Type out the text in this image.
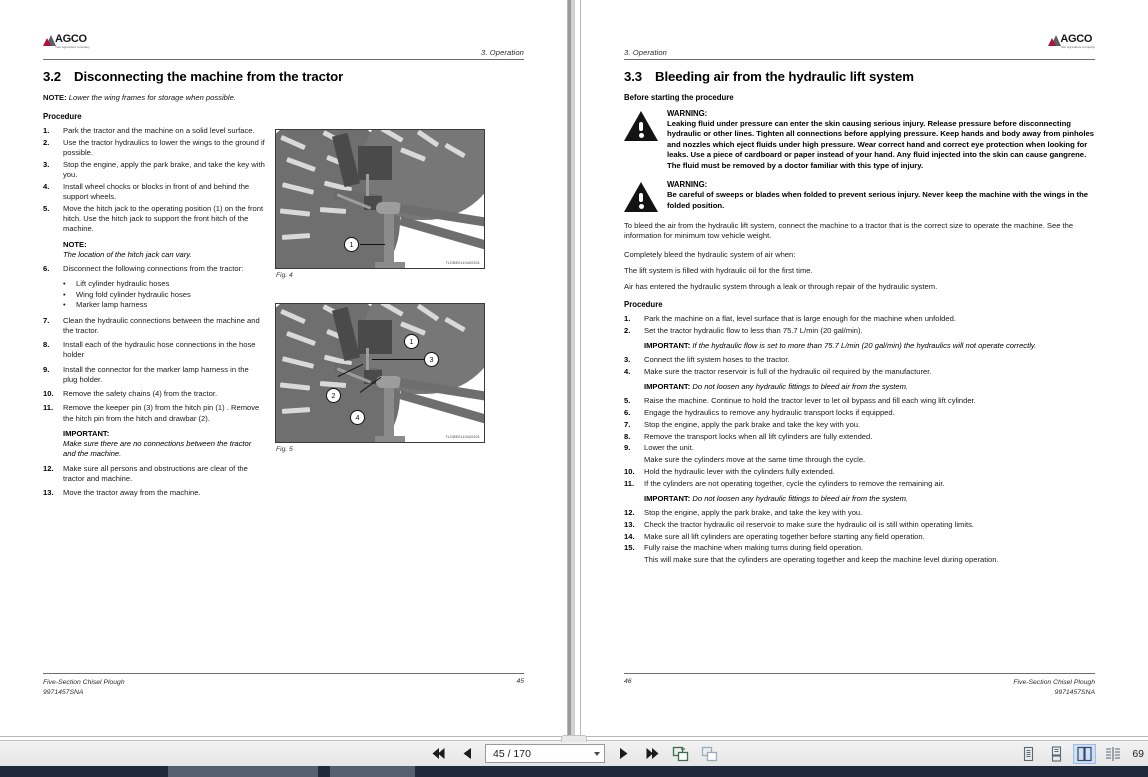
AGCO
Your Agriculture Company
3. Operation
3.2 Disconnecting the machine from the tractor
NOTE: Lower the wing frames for storage when possible.
Procedure
1.	Park the tractor and the machine on a solid level surface.
2.	Use the tractor hydraulics to lower the wings to the ground if possible.
3.	Stop the engine, apply the park brake, and take the key with you.
4.	Install wheel chocks or blocks in front of and behind the support wheels.
5.	Move the hitch jack to the operating position (1) on the front hitch. Use the hitch jack to support the front hitch of the machine.
NOTE:
The location of the hitch jack can vary.
6.	Disconnect the following connections from the tractor:
• Lift cylinder hydraulic hoses
• Wing fold cylinder hydraulic hoses
• Marker lamp harness
7.	Clean the hydraulic connections between the machine and the tractor.
8.	Install each of the hydraulic hose connections in the hose holder
9.	Install the connector for the marker lamp harness in the plug holder.
10.	Remove the safety chains (4) from the tractor.
11.	Remove the keeper pin (3) from the hitch pin (1) . Remove the hitch pin from the hitch and drawbar (2).
IMPORTANT:
Make sure there are no connections between the tractor and the machine.
12.	Make sure all persons and obstructions are clear of the tractor and machine.
13.	Move the tractor away from the machine.
1
TLDBE0110420301
Fig. 4
1
2
3
4
TLDBE0110420301
Fig. 5
Five-Section Chisel Plough
9971457SNA
45
3. Operation
AGCO
Your Agriculture Company
3.3 Bleeding air from the hydraulic lift system
Before starting the procedure
WARNING:
Leaking fluid under pressure can enter the skin causing serious injury. Release pressure before disconnecting hydraulic or other lines. Tighten all connections before applying pressure. Keep hands and body away from pinholes and nozzles which eject fluids under high pressure. Wear correct hand and correct eye protection when looking for leaks. Use a piece of cardboard or paper instead of your hand. Any fluid injected into the skin can cause gangrene. The fluid must be removed by a doctor familiar with this type of injury.
WARNING:
Be careful of sweeps or blades when folded to prevent serious injury. Never keep the machine with the wings in the folded position.
To bleed the air from the hydraulic lift system, connect the machine to a tractor that is the correct size to operate the machine. See the information for minimum tow vehicle weight.
Completely bleed the hydraulic system of air when:
The lift system is filled with hydraulic oil for the first time.
Air has entered the hydraulic system through a leak or through repair of the hydraulic system.
Procedure
1.	Park the machine on a flat, level surface that is large enough for the machine when unfolded.
2.	Set the tractor hydraulic flow to less than 75.7 L/min (20 gal/min).
IMPORTANT: If the hydraulic flow is set to more than 75.7 L/min (20 gal/min) the hydraulics will not operate correctly.
3.	Connect the lift system hoses to the tractor.
4.	Make sure the tractor reservoir is full of the hydraulic oil required by the manufacturer.
IMPORTANT: Do not loosen any hydraulic fittings to bleed air from the system.
5.	Raise the machine. Continue to hold the tractor lever to let oil bypass and fill each wing lift cylinder.
6.	Engage the hydraulics to remove any hydraulic transport locks if equipped.
7.	Stop the engine, apply the park brake and take the key with you.
8.	Remove the transport locks when all lift cylinders are fully extended.
9.	Lower the unit.
Make sure the cylinders move at the same time through the cycle.
10.	Hold the hydraulic lever with the cylinders fully extended.
11.	If the cylinders are not operating together, cycle the cylinders to remove the remaining air.
IMPORTANT: Do not loosen any hydraulic fittings to bleed air from the system.
12.	Stop the engine, apply the park brake, and take the key with you.
13.	Check the tractor hydraulic oil reservoir to make sure the hydraulic oil is still within operating limits.
14.	Make sure all lift cylinders are operating together before starting any field operation.
15.	Fully raise the machine when making turns during field operation.
This will make sure that the cylinders are operating together and keep the machine level during operation.
46	Five-Section Chisel Plough
9971457SNA
45 / 170	69
